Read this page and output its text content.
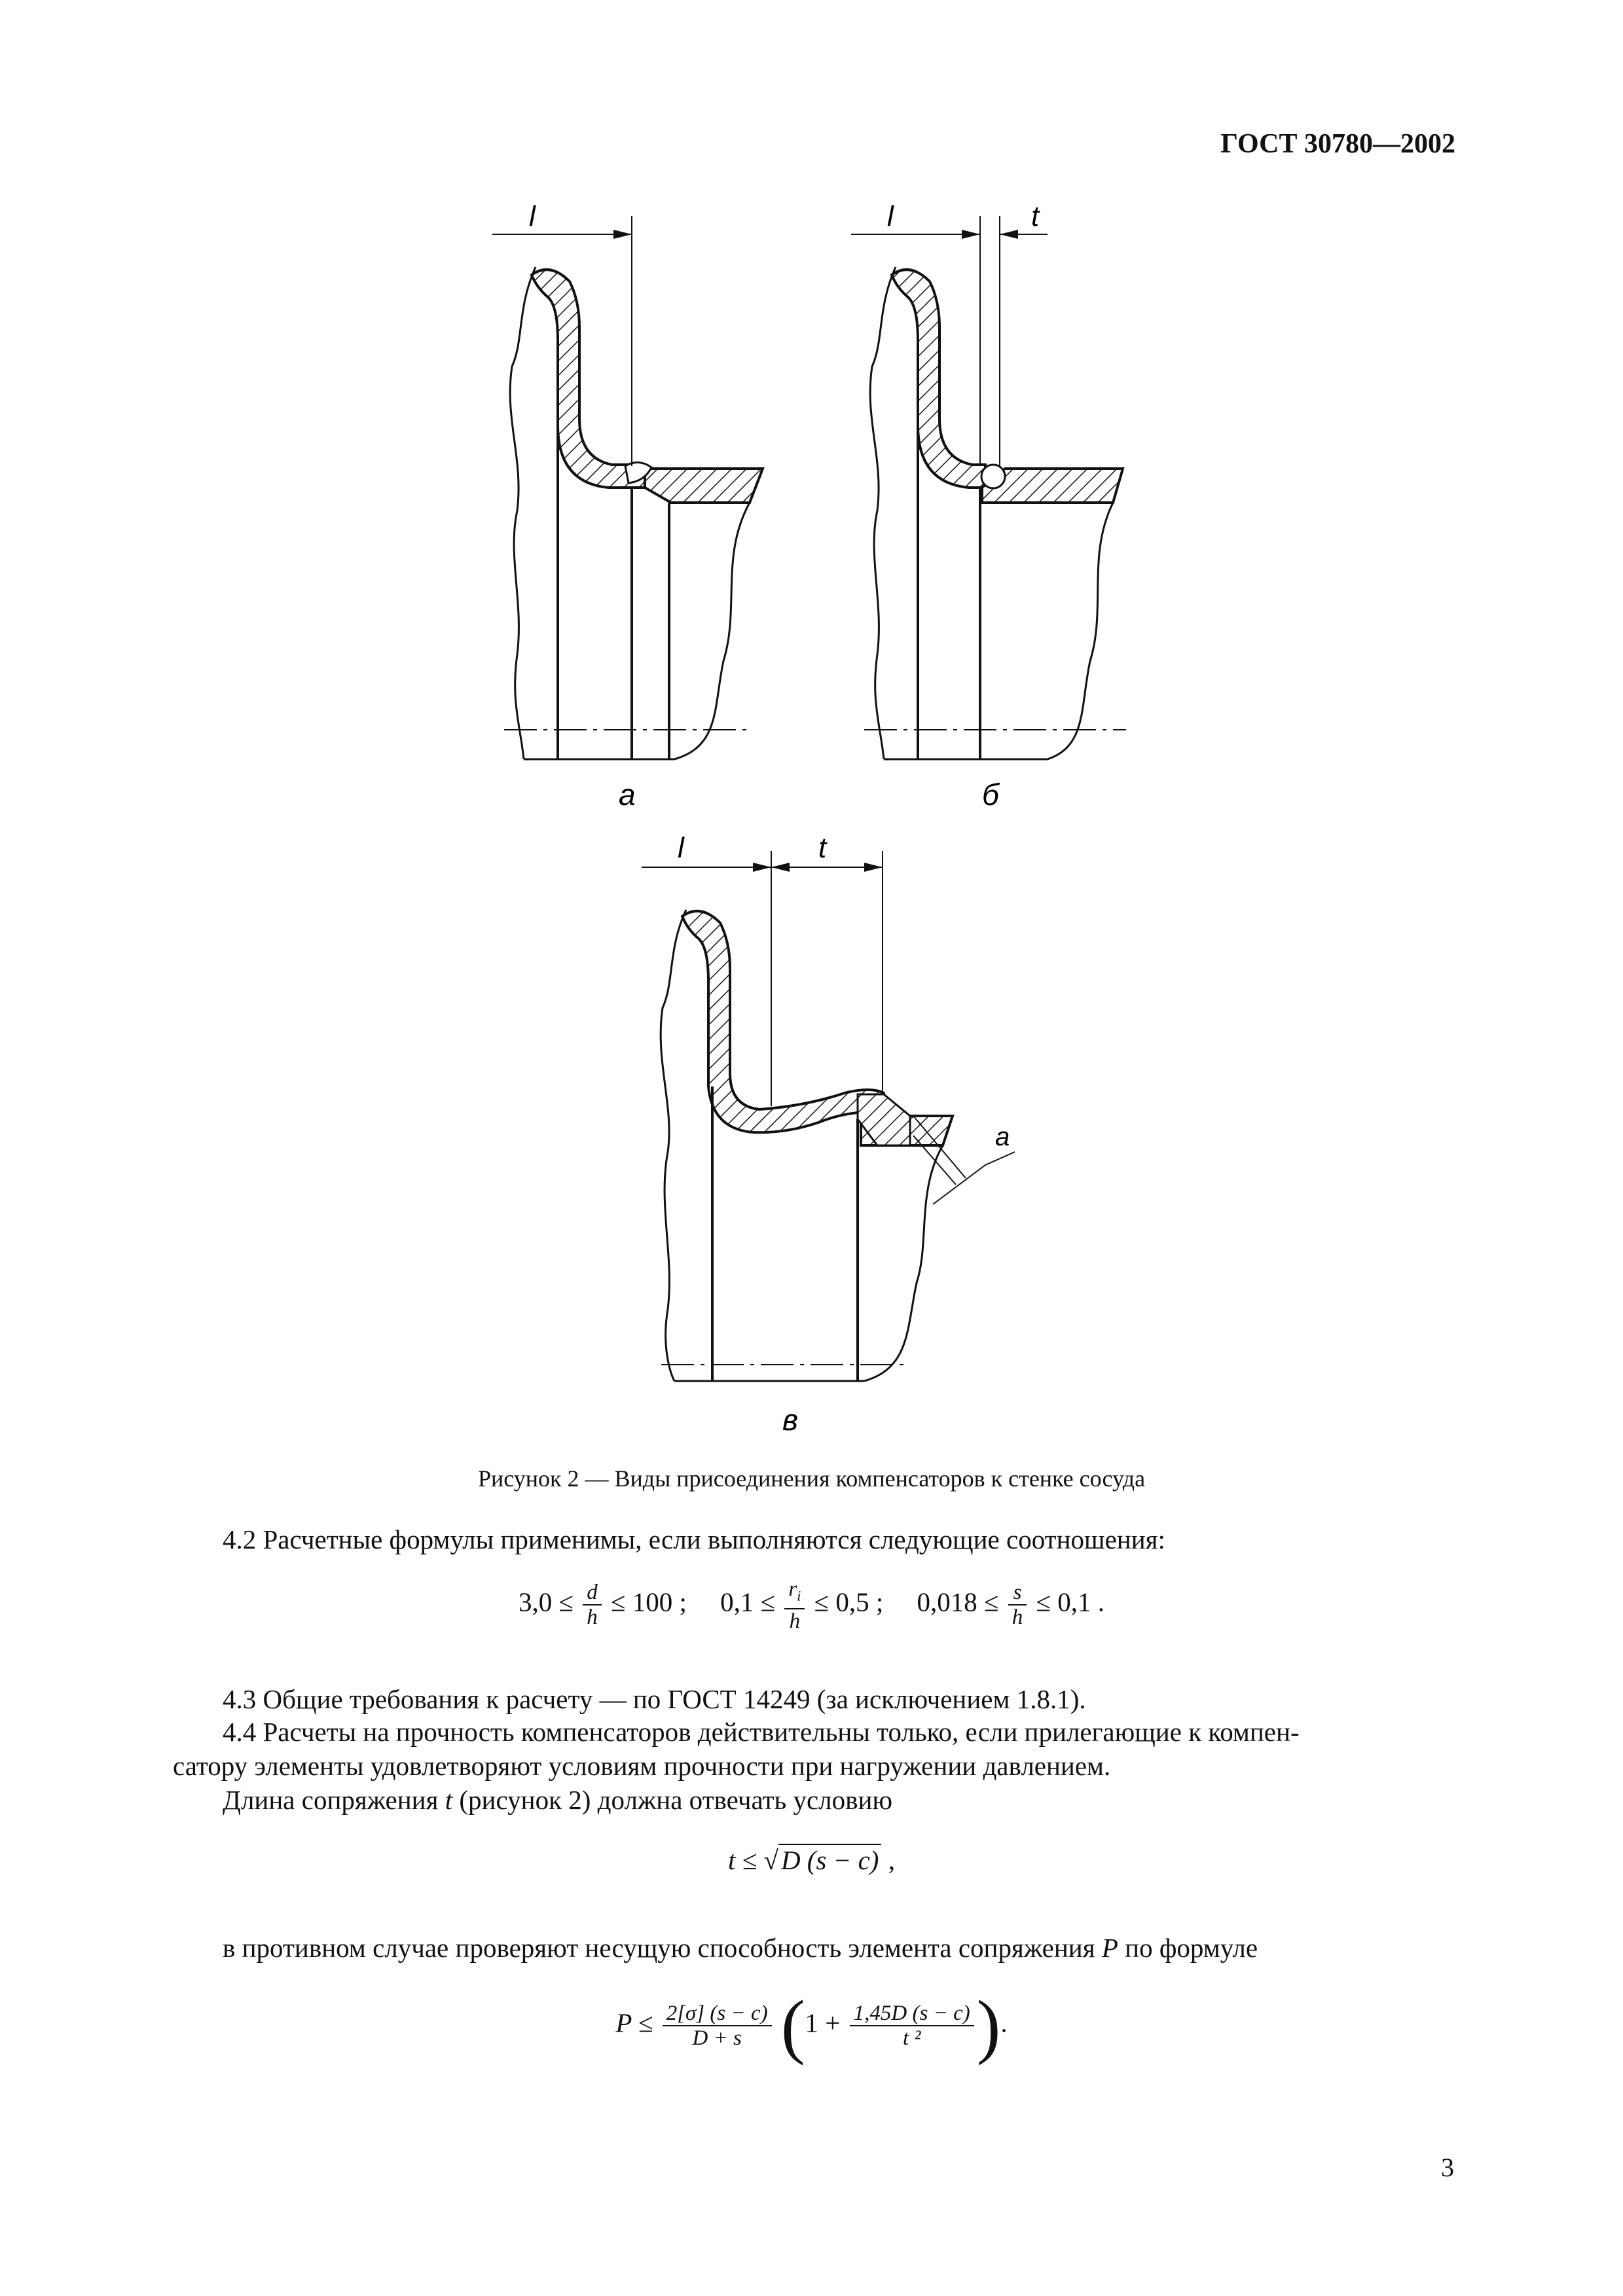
ГОСТ 30780—2002
l
а
l	t
б
l	t
a
в
Рисунок 2 — Виды присоединения компенсаторов к стенке сосуда
4.2 Расчетные формулы применимы, если выполняются следующие соотношения:
$3,0 \le \frac{d}{h} \le 100$ ; $0,1 \le \frac{r_i}{h} \le 0,5$ ; $0,018 \le \frac{s}{h} \le 0,1$ .
4.3 Общие требования к расчету — по ГОСТ 14249 (за исключением 1.8.1).
4.4 Расчеты на прочность компенсаторов действительны только, если прилегающие к компен-
сатору элементы удовлетворяют условиям прочности при нагружении давлением.
Длина сопряжения t (рисунок 2) должна отвечать условию
t ≤ √D (s − c) ,
в противном случае проверяют несущую способность элемента сопряжения P по формуле
$P \le \frac{2[\sigma] (s - c)}{D + s} (1 + \frac{1,45D (s - c)}{\text{t ²}}$ ).
3
